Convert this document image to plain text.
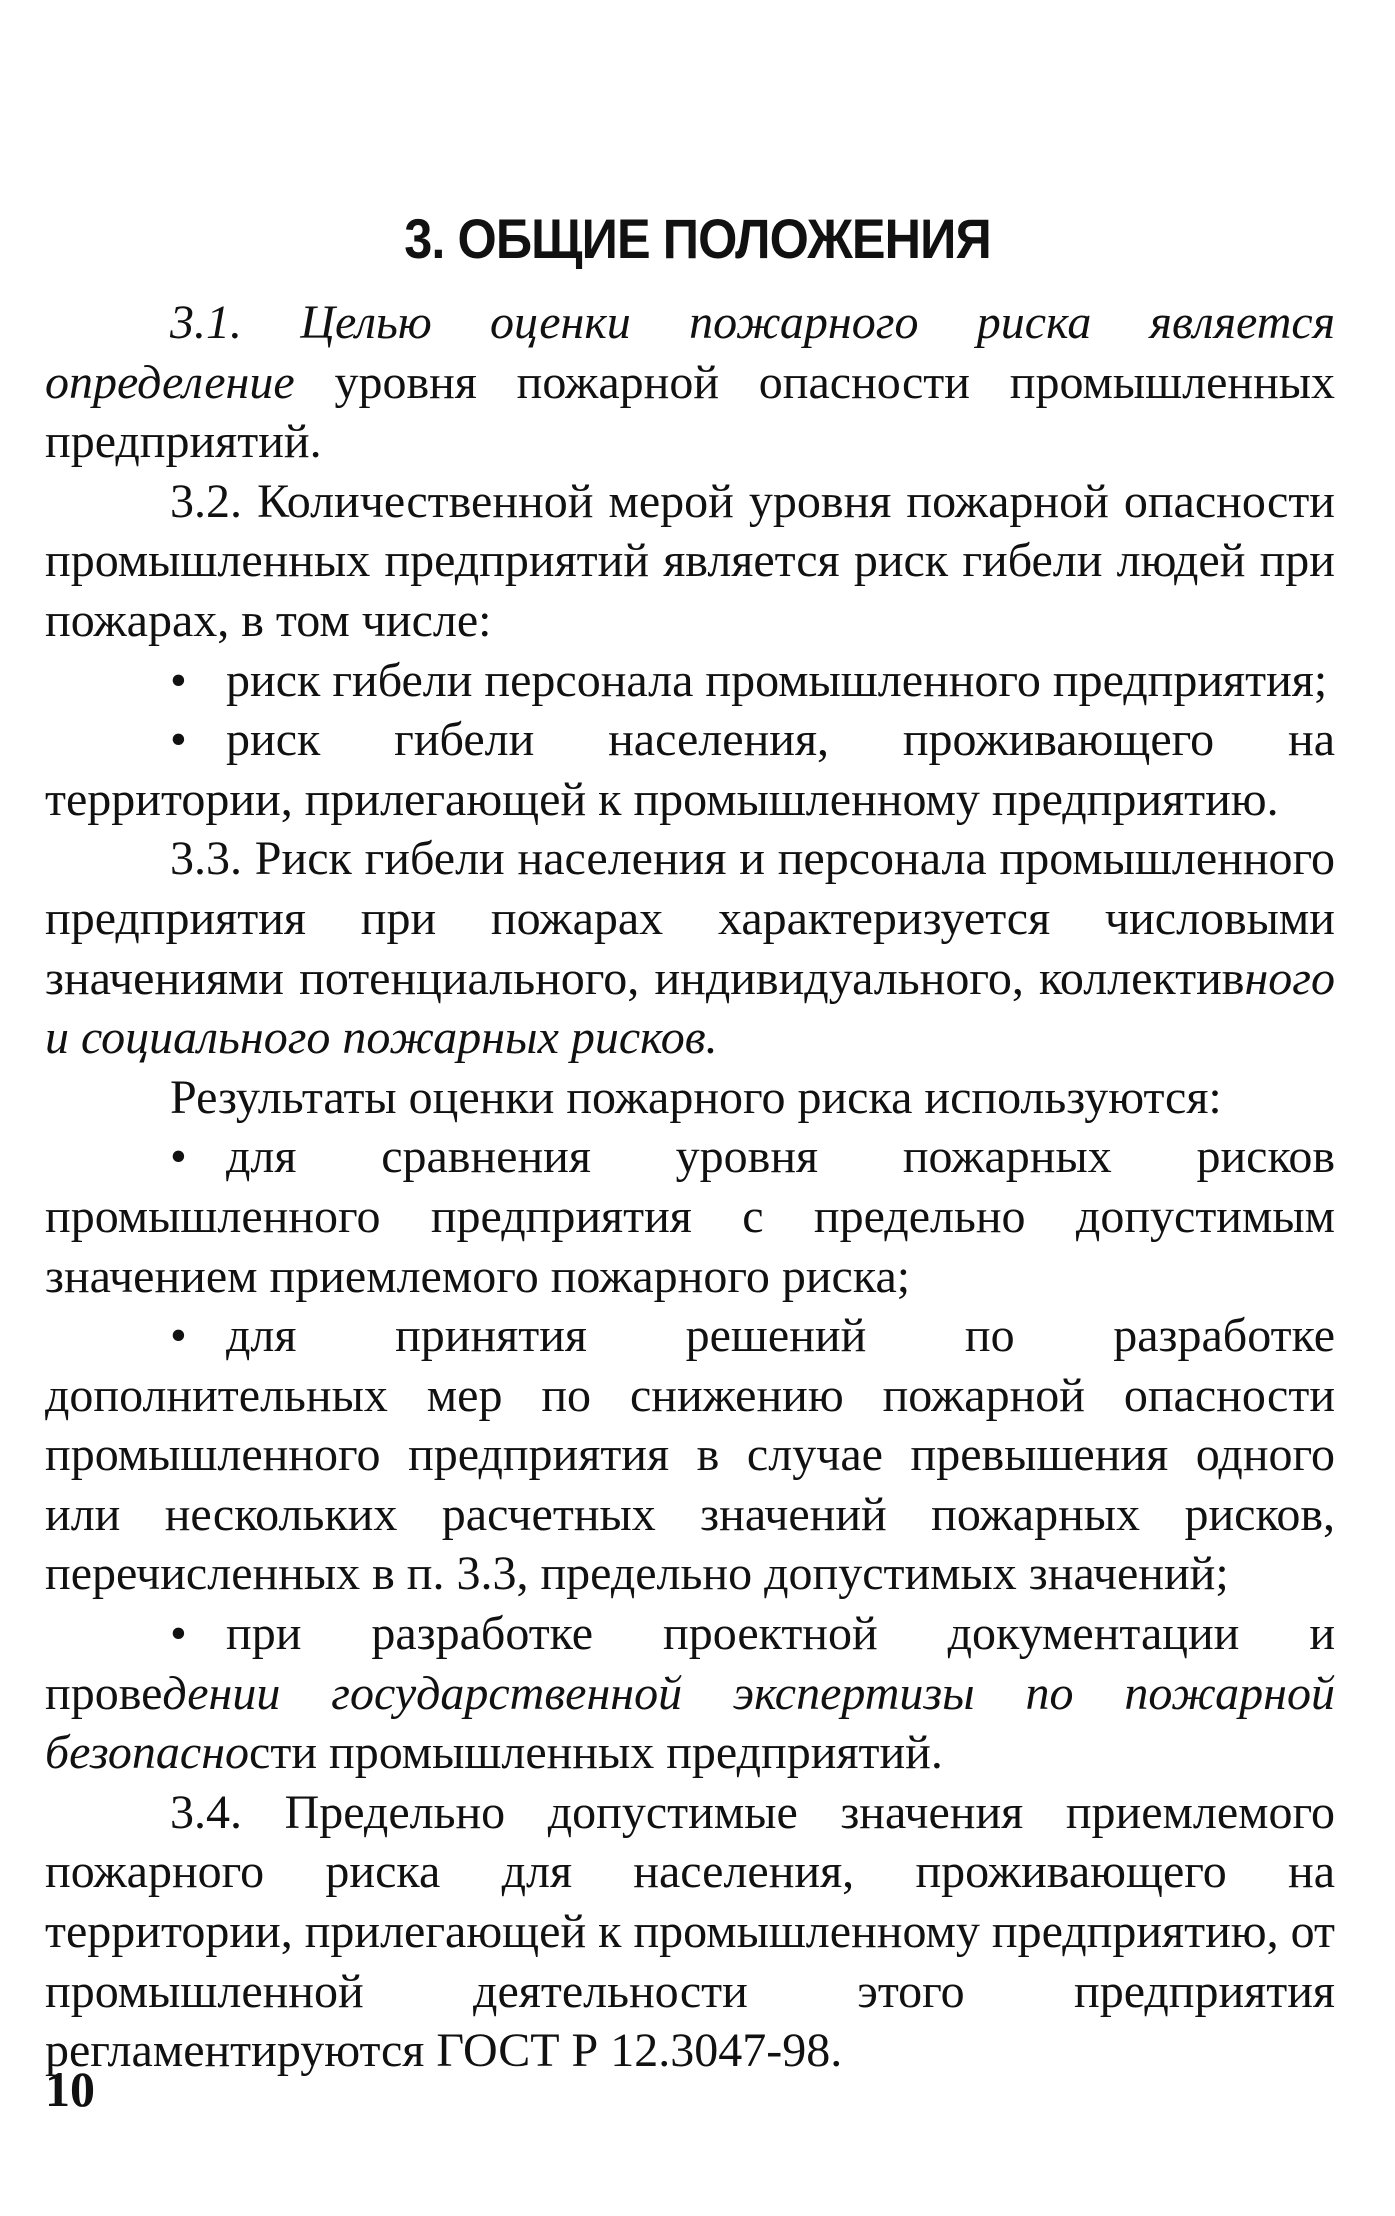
3. ОБЩИЕ ПОЛОЖЕНИЯ

3.1. Целью оценки пожарного риска является определение уровня пожарной опасности промышленных предприятий.

3.2. Количественной мерой уровня пожарной опасности промышленных предприятий является риск гибели людей при пожарах, в том числе:

• риск гибели персонала промышленного предприятия;

• риск гибели населения, проживающего на территории, прилегающей к промышленному предприятию.

3.3. Риск гибели населения и персонала промышленного предприятия при пожарах характеризуется числовыми значениями потенциального, индивидуального, коллективного и социального пожарных рисков.

Результаты оценки пожарного риска используются:

• для сравнения уровня пожарных рисков промышленного предприятия с предельно допустимым значением приемлемого пожарного риска;

• для принятия решений по разработке дополнительных мер по снижению пожарной опасности промышленного предприятия в случае превышения одного или нескольких расчетных значений пожарных рисков, перечисленных в п. 3.3, предельно допустимых значений;

• при разработке проектной документации и проведении государственной экспертизы по пожарной безопасности промышленных предприятий.

3.4. Предельно допустимые значения приемлемого пожарного риска для населения, проживающего на территории, прилегающей к промышленному предприятию, от промышленной деятельности этого предприятия регламентируются ГОСТ Р 12.3047-98.

10
